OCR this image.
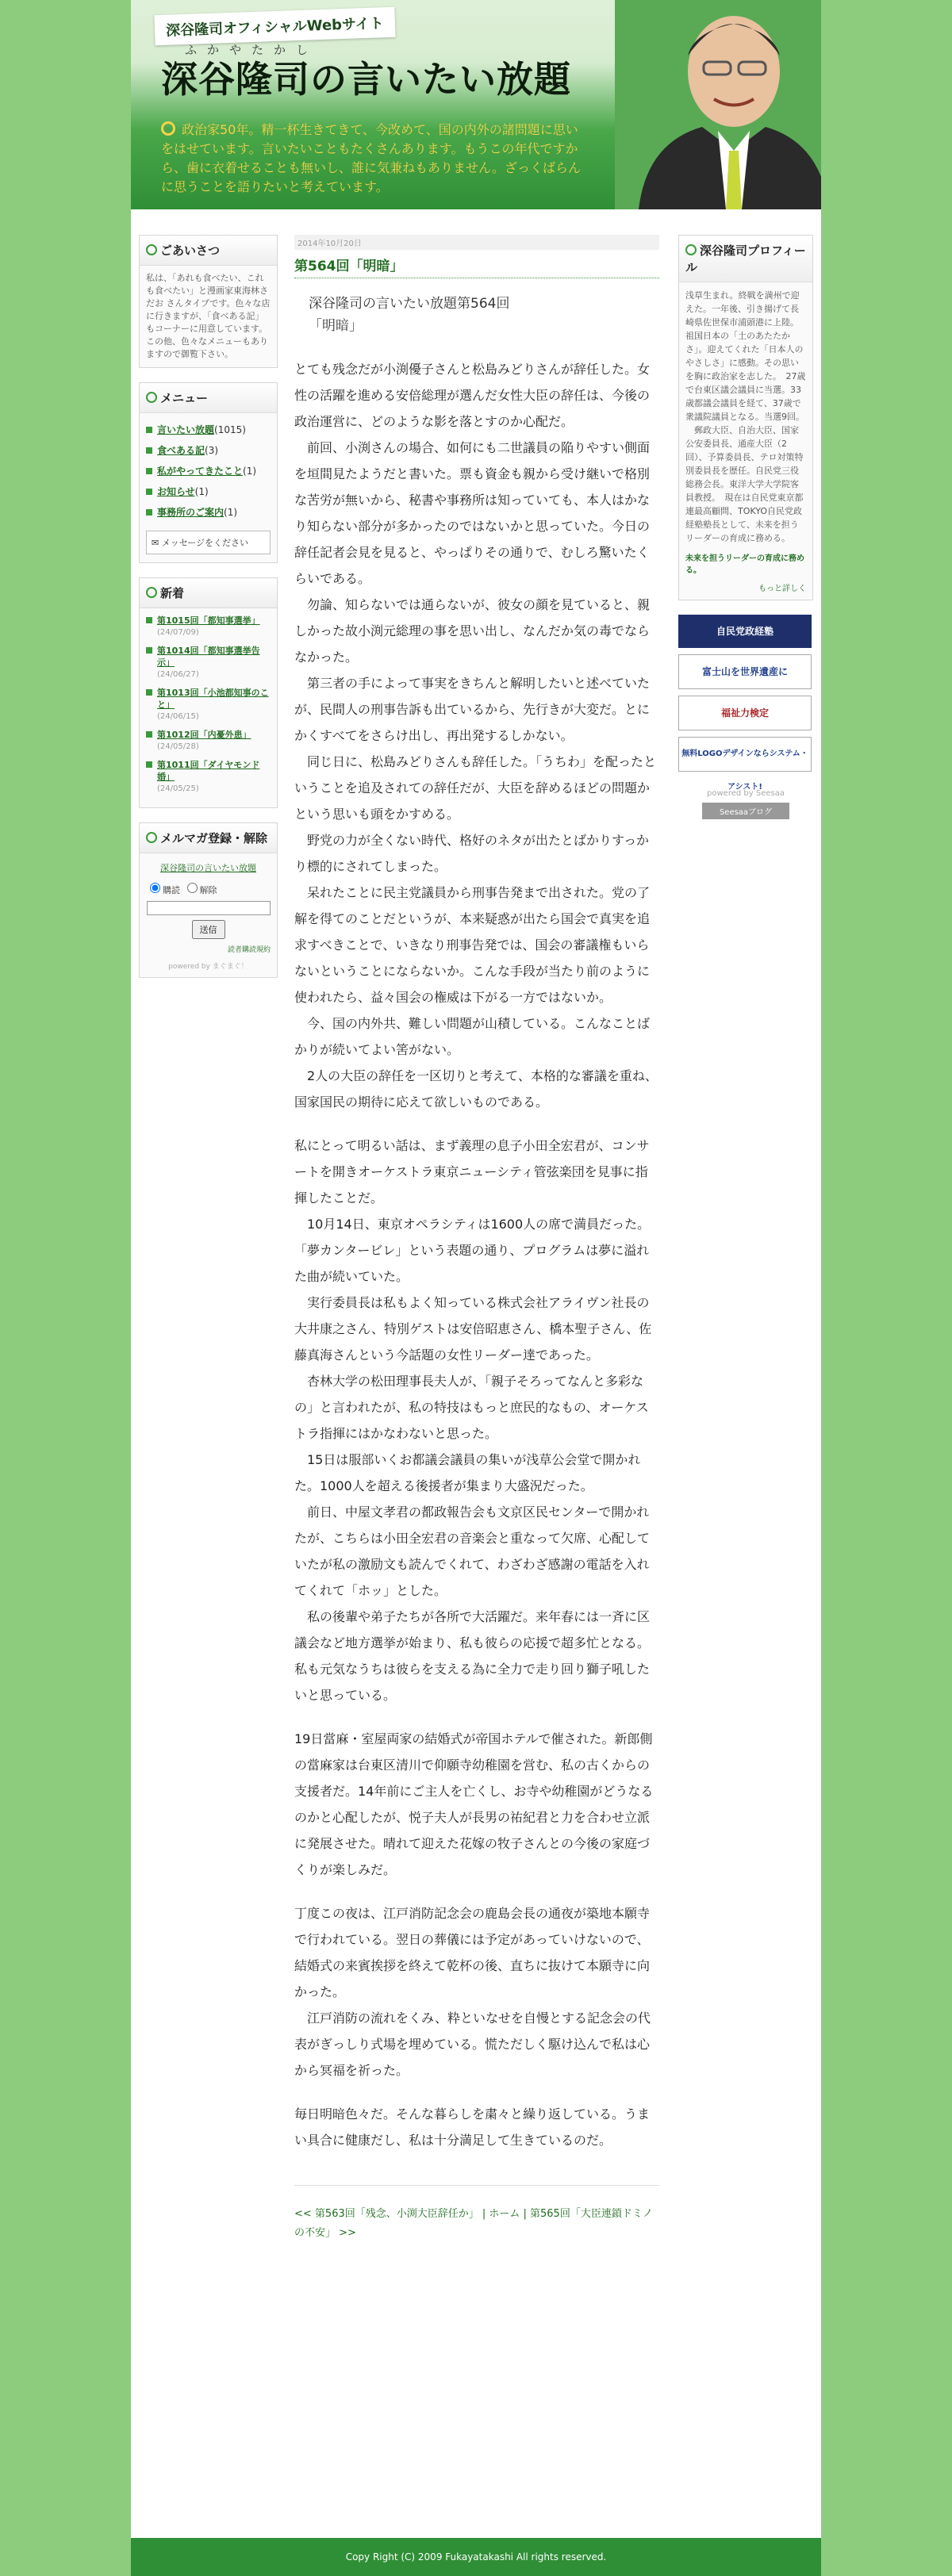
深谷隆司オフィシャルWebサイト
ふかやたかし
深谷隆司の言いたい放題
政治家50年。精一杯生きてきて、今改めて、国の内外の諸問題に思いをはせています。言いたいこともたくさんあります。もうこの年代ですから、歯に衣着せることも無いし、誰に気兼ねもありません。ざっくばらんに思うことを語りたいと考えています。
ごあいさつ
私は、「あれも食べたい、これも食べたい」と漫画家東海林さだお さんタイプです。色々な店に行きますが、「食べある記」もコーナーに用意しています。この他、色々なメニューもありますので御覧下さい。
メニュー
言いたい放題(1015)
食べある記(3)
私がやってきたこと(1)
お知らせ(1)
事務所のご案内(1)
✉ メッセージをください
新着
第1015回「都知事選挙」
(24/07/09)
第1014回「都知事選挙告示」
(24/06/27)
第1013回「小池都知事のこと」
(24/06/15)
第1012回「内憂外患」
(24/05/28)
第1011回「ダイヤモンド婚」
(24/05/25)
メルマガ登録・解除
深谷隆司の言いたい放題
購読 解除
送信
読者購読規約
powered by まぐまぐ！
2014年10月20日
第564回「明暗」
深谷隆司の言いたい放題第564回
「明暗」

とても残念だが小渕優子さんと松島みどりさんが辞任した。女性の活躍を進める安倍総理が選んだ女性大臣の辞任は、今後の政治運営に、どのような影を落とすのか心配だ。
　前回、小渕さんの場合、如何にも二世議員の陥りやすい側面を垣間見たようだと書いた。票も資金も親から受け継いで格別な苦労が無いから、秘書や事務所は知っていても、本人はかなり知らない部分が多かったのではないかと思っていた。今日の辞任記者会見を見ると、やっぱりその通りで、むしろ驚いたくらいである。
　勿論、知らないでは通らないが、彼女の顔を見ていると、親しかった故小渕元総理の事を思い出し、なんだか気の毒でならなかった。
　第三者の手によって事実をきちんと解明したいと述べていたが、民間人の刑事告訴も出ているから、先行きが大変だ。とにかくすべてをさらけ出し、再出発するしかない。
　同じ日に、松島みどりさんも辞任した。「うちわ」を配ったということを追及されての辞任だが、大臣を辞めるほどの問題かという思いも頭をかすめる。
　野党の力が全くない時代、格好のネタが出たとばかりすっかり標的にされてしまった。
　呆れたことに民主党議員から刑事告発まで出された。党の了解を得てのことだというが、本来疑惑が出たら国会で真実を追求すべきことで、いきなり刑事告発では、国会の審議権もいらないということにならないか。こんな手段が当たり前のように使われたら、益々国会の権威は下がる一方ではないか。
　今、国の内外共、難しい問題が山積している。こんなことばかりが続いてよい筈がない。
　2人の大臣の辞任を一区切りと考えて、本格的な審議を重ね、国家国民の期待に応えて欲しいものである。

私にとって明るい話は、まず義理の息子小田全宏君が、コンサートを開きオーケストラ東京ニューシティ管弦楽団を見事に指揮したことだ。
　10月14日、東京オペラシティは1600人の席で満員だった。「夢カンタービレ」という表題の通り、プログラムは夢に溢れた曲が続いていた。
　実行委員長は私もよく知っている株式会社アライヴン社長の大井康之さん、特別ゲストは安倍昭恵さん、橋本聖子さん、佐藤真海さんという今話題の女性リーダー達であった。
　杏林大学の松田理事長夫人が、「親子そろってなんと多彩なの」と言われたが、私の特技はもっと庶民的なもの、オーケストラ指揮にはかなわないと思った。
　15日は服部いくお都議会議員の集いが浅草公会堂で開かれた。1000人を超える後援者が集まり大盛況だった。
　前日、中屋文孝君の都政報告会も文京区民センターで開かれたが、こちらは小田全宏君の音楽会と重なって欠席、心配していたが私の激励文も読んでくれて、わざわざ感謝の電話を入れてくれて「ホッ」とした。
　私の後輩や弟子たちが各所で大活躍だ。来年春には一斉に区議会など地方選挙が始まり、私も彼らの応援で超多忙となる。私も元気なうちは彼らを支える為に全力で走り回り獅子吼したいと思っている。

19日當麻・室屋両家の結婚式が帝国ホテルで催された。新郎側の當麻家は台東区清川で仰願寺幼稚園を営む、私の古くからの支援者だ。14年前にご主人を亡くし、お寺や幼稚園がどうなるのかと心配したが、悦子夫人が長男の祐紀君と力を合わせ立派に発展させた。晴れて迎えた花嫁の牧子さんとの今後の家庭づくりが楽しみだ。

丁度この夜は、江戸消防記念会の鹿島会長の通夜が築地本願寺で行われている。翌日の葬儀には予定があっていけないので、結婚式の来賓挨拶を終えて乾杯の後、直ちに抜けて本願寺に向かった。
　江戸消防の流れをくみ、粋といなせを自慢とする記念会の代表がぎっしり式場を埋めている。慌ただしく駆け込んで私は心から冥福を祈った。

毎日明暗色々だ。そんな暮らしを粛々と繰り返している。うまい具合に健康だし、私は十分満足して生きているのだ。

<< 第563回「残念、小渕大臣辞任か」 | ホーム | 第565回「大臣連鎖ドミノの不安」 >>
深谷隆司プロフィール
浅草生まれ。終戦を満州で迎えた。一年後、引き揚げて長崎県佐世保市浦頭港に上陸。祖国日本の「土のあたたかさ」。迎えてくれた「日本人のやさしさ」に感動。その思いを胸に政治家を志した。　27歳で台東区議会議員に当選。33歳都議会議員を経て、37歳で衆議院議員となる。当選9回。
　郵政大臣、自治大臣、国家公安委員長、通産大臣（2回）、予算委員長、テロ対策特別委員長を歴任。自民党三役総務会長。東洋大学大学院客員教授。　現在は自民党東京都連最高顧問、TOKYO自民党政経塾塾長として、未来を担うリーダーの育成に務める。
未来を担うリーダーの育成に務める。
もっと詳しく
自民党政経塾
富士山を世界遺産に
福祉力検定
無料LOGOデザインならシステム・アシスト!
powered by Seesaa
Seesaaブログ
Copy Right (C) 2009 Fukayatakashi All rights reserved.
